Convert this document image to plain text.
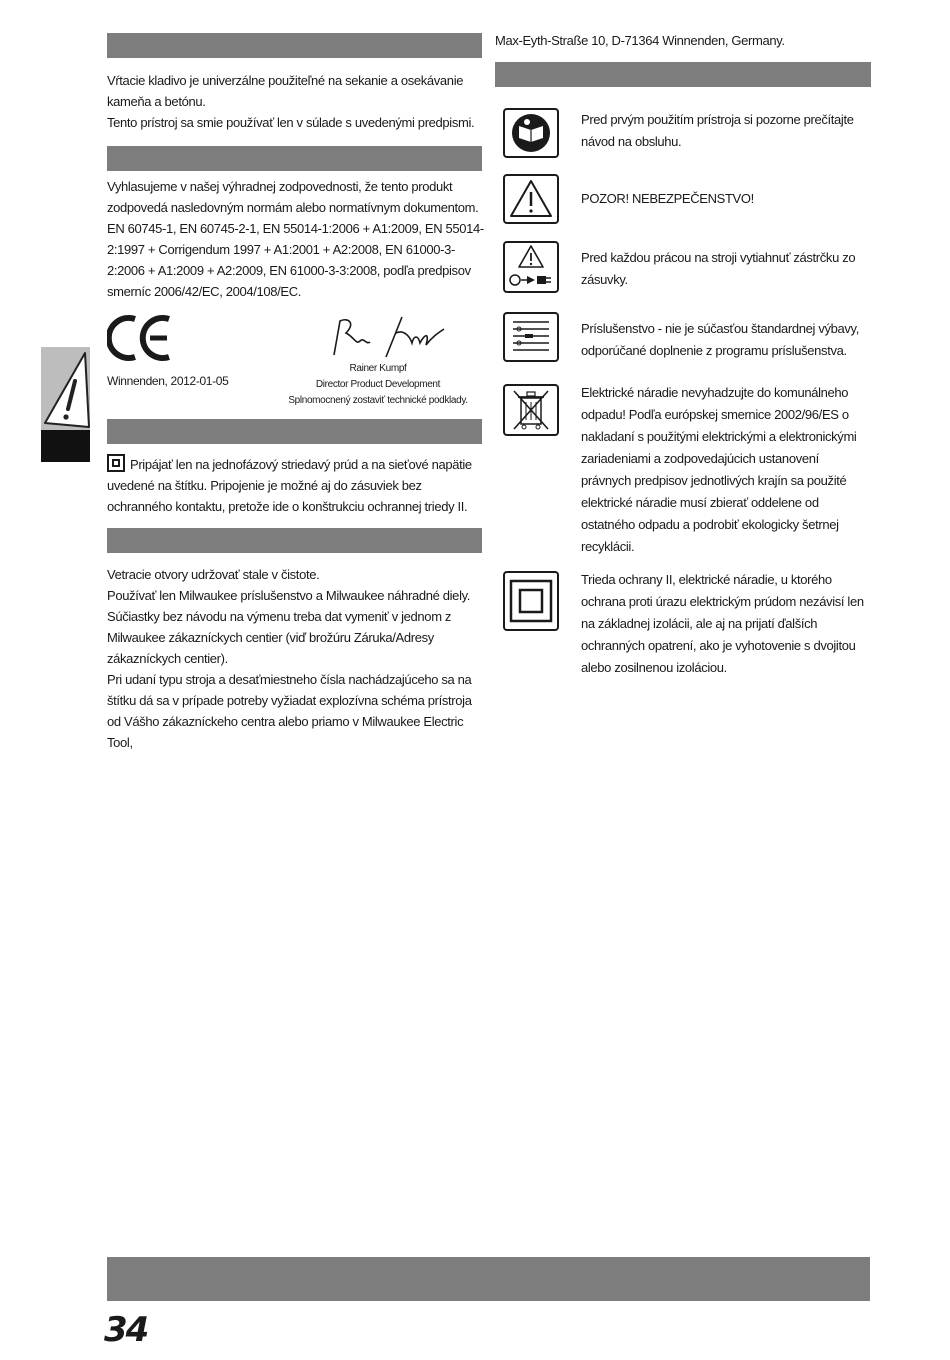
Vŕtacie kladivo je univerzálne použiteľné na sekanie a osekávanie kameňa a betónu.

Tento prístroj sa smie používať len v súlade s uvedenými predpismi.

Vyhlasujeme v našej výhradnej zodpovednosti, že tento produkt zodpovedá nasledovným normám alebo normatívnym dokumentom. EN 60745-1, EN 60745-2-1, EN 55014-1:2006 + A1:2009, EN 55014-2:1997 + Corrigendum 1997 + A1:2001 + A2:2008, EN 61000-3-2:2006 + A1:2009 + A2:2009, EN 61000-3-3:2008, podľa predpisov smerníc 2006/42/EC, 2004/108/EC.

Winnenden, 2012-01-05
Rainer Kumpf
Director Product Development
Splnomocnený zostaviť technické podklady.

Pripájať len na jednofázový striedavý prúd a na sieťové napätie uvedené na štítku. Pripojenie je možné aj do zásuviek bez ochranného kontaktu, pretože ide o konštrukciu ochrannej triedy II.

Vetracie otvory udržovať stale v čistote.

Používať len Milwaukee príslušenstvo a Milwaukee náhradné diely. Súčiastky bez návodu na výmenu treba dat vymeniť v jednom z Milwaukee zákazníckych centier (viď brožúru Záruka/Adresy zákazníckych centier).

Pri udaní typu stroja a desaťmiestneho čísla nachádzajúceho sa na štítku dá sa v prípade potreby vyžiadat explozívna schéma prístroja od Vášho zákazníckeho centra alebo priamo v Milwaukee Electric Tool,

Max-Eyth-Straße 10, D-71364 Winnenden, Germany.
Pred prvým použitím prístroja si pozorne prečítajte návod na obsluhu.
POZOR! NEBEZPEČENSTVO!
Pred každou prácou na stroji vytiahnuť zástrčku zo zásuvky.
Príslušenstvo - nie je súčasťou štandardnej výbavy, odporúčané doplnenie z programu príslušenstva.
Elektrické náradie nevyhadzujte do komunálneho odpadu! Podľa európskej smernice 2002/96/ES o nakladaní s použitými elektrickými a elektronickými zariadeniami a zodpovedajúcich ustanovení právnych predpisov jednotlivých krajín sa použité elektrické náradie musí zbierať oddelene od ostatného odpadu a podrobiť ekologicky šetrnej recyklácii.
Trieda ochrany II, elektrické náradie, u ktorého ochrana proti úrazu elektrickým prúdom nezávisí len na základnej izolácii, ale aj na prijatí ďalších ochranných opatrení, ako je vyhotovenie s dvojitou alebo zosilnenou izoláciou.
34
